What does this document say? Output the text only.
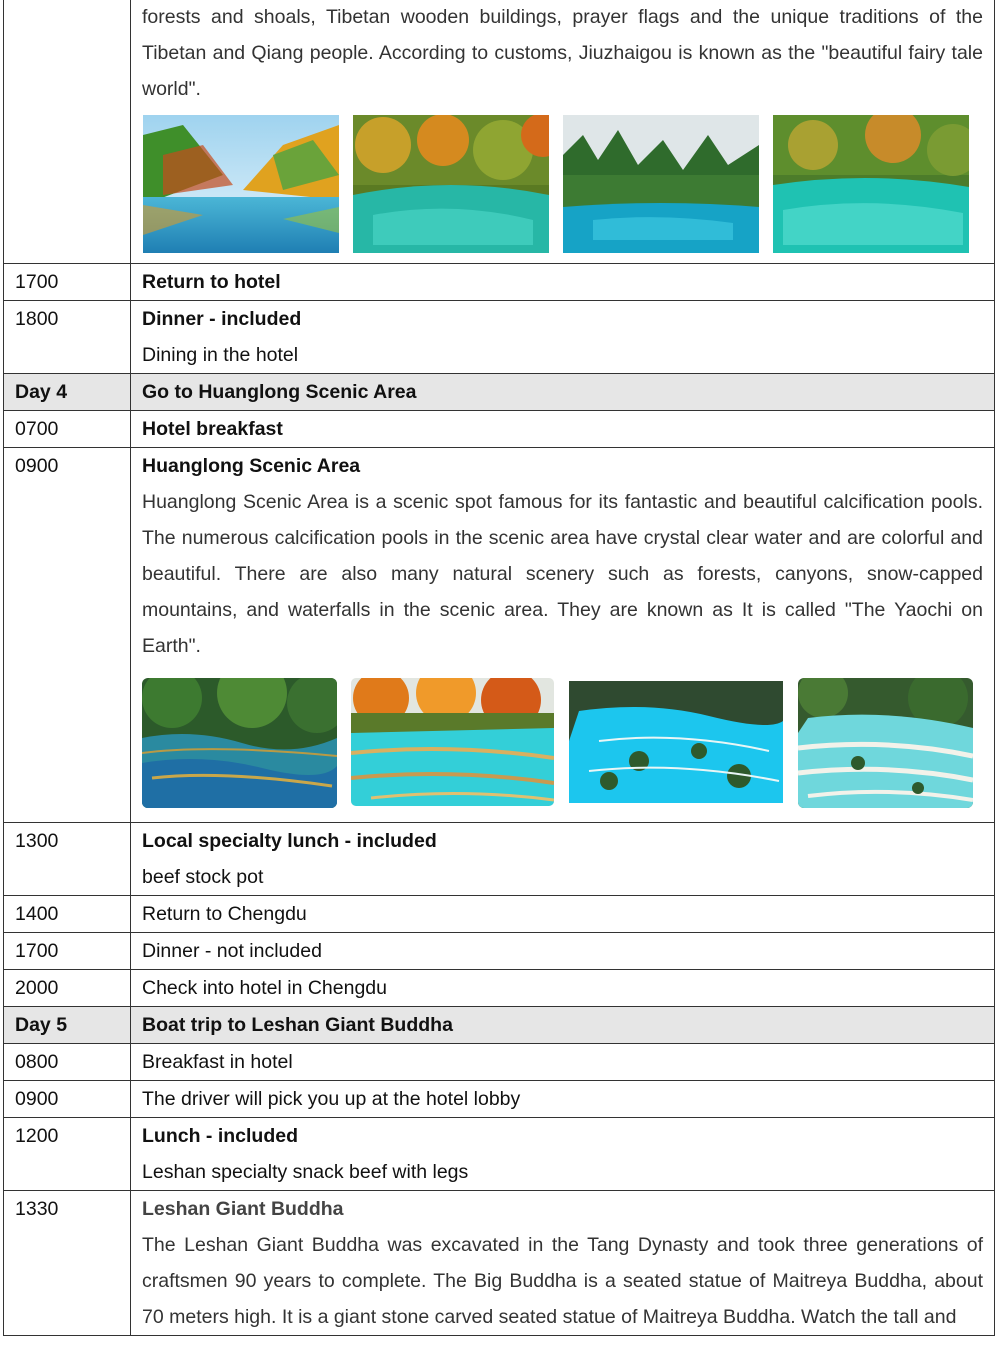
	forests and shoals, Tibetan wooden buildings, prayer flags and the unique traditions of the Tibetan and Qiang people. According to customs, Jiuzhaigou is known as the "beautiful fairy tale world".

1700	Return to hotel

1800	Dinner - included
Dining in the hotel

Day 4	Go to Huanglong Scenic Area
0700	Hotel breakfast

0900	Huanglong Scenic Area
Huanglong Scenic Area is a scenic spot famous for its fantastic and beautiful calcification pools. The numerous calcification pools in the scenic area have crystal clear water and are colorful and beautiful. There are also many natural scenery such as forests, canyons, snow-capped mountains, and waterfalls in the scenic area. They are known as It is called "The Yaochi on Earth".

1300	Local specialty lunch - included
beef stock pot

1400	Return to Chengdu

1700	Dinner - not included

2000	Check into hotel in Chengdu

Day 5	Boat trip to Leshan Giant Buddha
0800	Breakfast in hotel

0900	The driver will pick you up at the hotel lobby

1200	Lunch - included
Leshan specialty snack beef with legs

1330	Leshan Giant Buddha
The Leshan Giant Buddha was excavated in the Tang Dynasty and took three generations of craftsmen 90 years to complete. The Big Buddha is a seated statue of Maitreya Buddha, about 70 meters high. It is a giant stone carved seated statue of Maitreya Buddha. Watch the tall and
